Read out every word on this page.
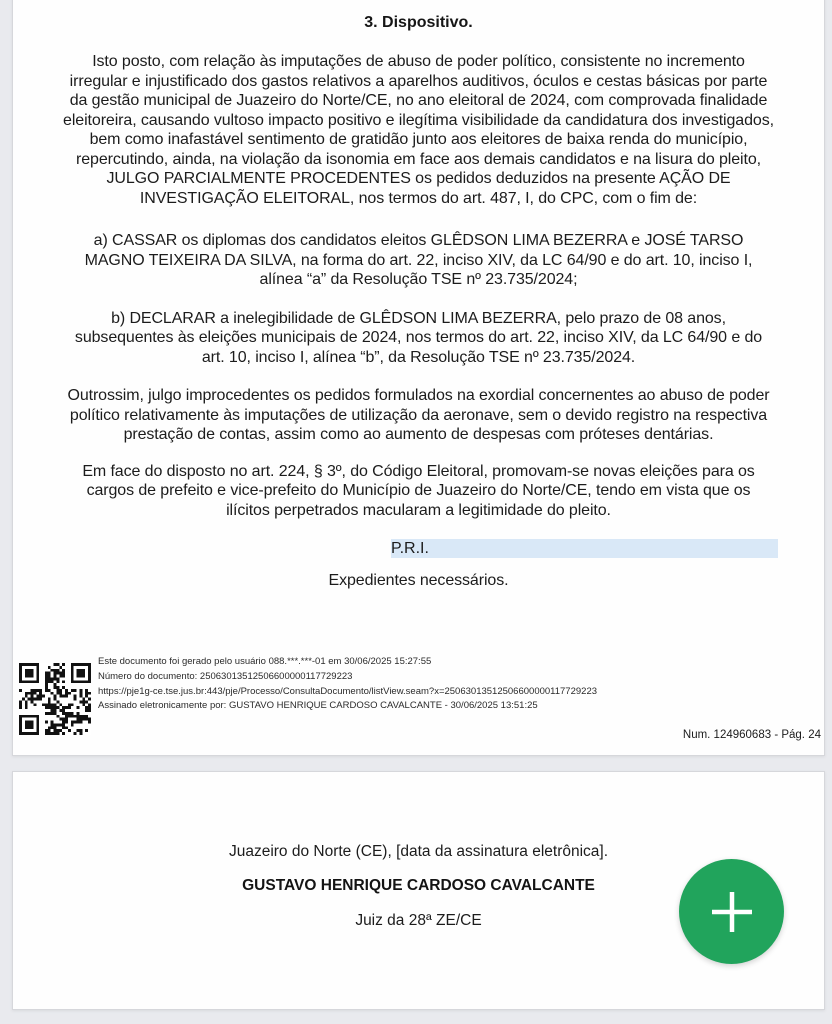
3. Dispositivo.

Isto posto, com relação às imputações de abuso de poder político, consistente no incremento irregular e injustificado dos gastos relativos a aparelhos auditivos, óculos e cestas básicas por parte da gestão municipal de Juazeiro do Norte/CE, no ano eleitoral de 2024, com comprovada finalidade eleitoreira, causando vultoso impacto positivo e ilegítima visibilidade da candidatura dos investigados, bem como inafastável sentimento de gratidão junto aos eleitores de baixa renda do município, repercutindo, ainda, na violação da isonomia em face aos demais candidatos e na lisura do pleito, JULGO PARCIALMENTE PROCEDENTES os pedidos deduzidos na presente AÇÃO DE INVESTIGAÇÃO ELEITORAL, nos termos do art. 487, I, do CPC, com o fim de:

a) CASSAR os diplomas dos candidatos eleitos GLÊDSON LIMA BEZERRA e JOSÉ TARSO MAGNO TEIXEIRA DA SILVA, na forma do art. 22, inciso XIV, da LC 64/90 e do art. 10, inciso I, alínea “a” da Resolução TSE nº 23.735/2024;

b) DECLARAR a inelegibilidade de GLÊDSON LIMA BEZERRA, pelo prazo de 08 anos, subsequentes às eleições municipais de 2024, nos termos do art. 22, inciso XIV, da LC 64/90 e do art. 10, inciso I, alínea “b”, da Resolução TSE nº 23.735/2024.

Outrossim, julgo improcedentes os pedidos formulados na exordial concernentes ao abuso de poder político relativamente às imputações de utilização da aeronave, sem o devido registro na respectiva prestação de contas, assim como ao aumento de despesas com próteses dentárias.

Em face do disposto no art. 224, § 3º, do Código Eleitoral, promovam-se novas eleições para os cargos de prefeito e vice-prefeito do Município de Juazeiro do Norte/CE, tendo em vista que os ilícitos perpetrados macularam a legitimidade do pleito.

P.R.I.

Expedientes necessários.

Este documento foi gerado pelo usuário 088.***.***-01 em 30/06/2025 15:27:55
Número do documento: 25063013512506600000117729223
https://pje1g-ce.tse.jus.br:443/pje/Processo/ConsultaDocumento/listView.seam?x=25063013512506600000117729223
Assinado eletronicamente por: GUSTAVO HENRIQUE CARDOSO CAVALCANTE - 30/06/2025 13:51:25
Num. 124960683 - Pág. 24

Juazeiro do Norte (CE), [data da assinatura eletrônica].

GUSTAVO HENRIQUE CARDOSO CAVALCANTE

Juiz da 28ª ZE/CE
